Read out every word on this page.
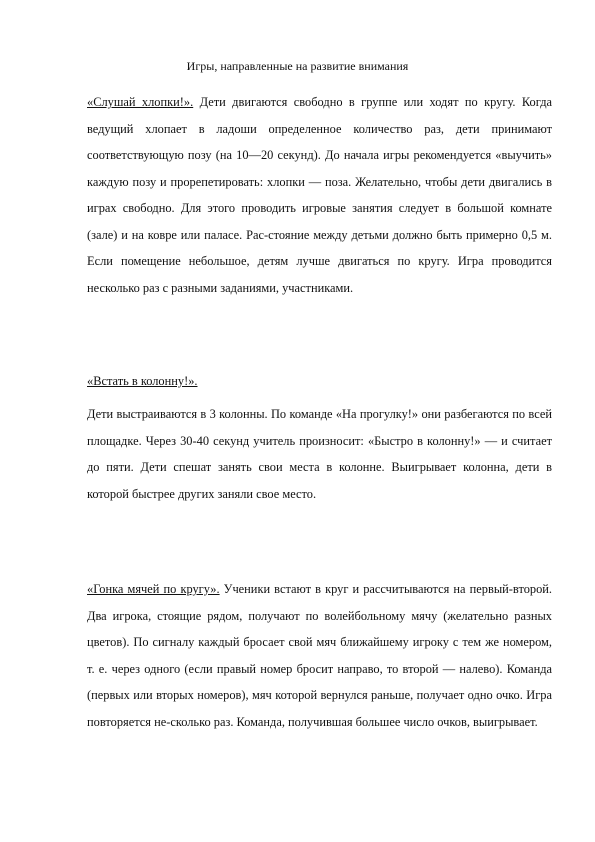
Игры, направленные на развитие внимания

«Слушай хлопки!». Дети двигаются свободно в группе или ходят по кругу. Когда ведущий хлопает в ладоши определенное количество раз, дети принимают соответствующую позу (на 10—20 секунд). До начала игры рекомендуется «выучить» каждую позу и прорепетировать: хлопки — поза. Желательно, чтобы дети двигались в играх свободно. Для этого проводить игровые занятия следует в большой комнате (зале) и на ковре или паласе. Рас-стояние между детьми должно быть примерно 0,5 м. Если помещение небольшое, детям лучше двигаться по кругу. Игра проводится несколько раз с разными заданиями, участниками.

«Встать в колонну!».

Дети выстраиваются в 3 колонны. По команде «На прогулку!» они разбегаются по всей площадке. Через 30-40 секунд учитель произносит: «Быстро в колонну!» — и считает до пяти. Дети спешат занять свои места в колонне. Выигрывает колонна, дети в которой быстрее других заняли свое место.

«Гонка мячей по кругу». Ученики встают в круг и рассчитываются на первый-второй. Два игрока, стоящие рядом, получают по волейбольному мячу (желательно разных цветов). По сигналу каждый бросает свой мяч ближайшему игроку с тем же номером, т. е. через одного (если правый номер бросит направо, то второй — налево). Команда (первых или вторых номеров), мяч которой вернулся раньше, получает одно очко. Игра повторяется не-сколько раз. Команда, получившая большее число очков, выигрывает.
